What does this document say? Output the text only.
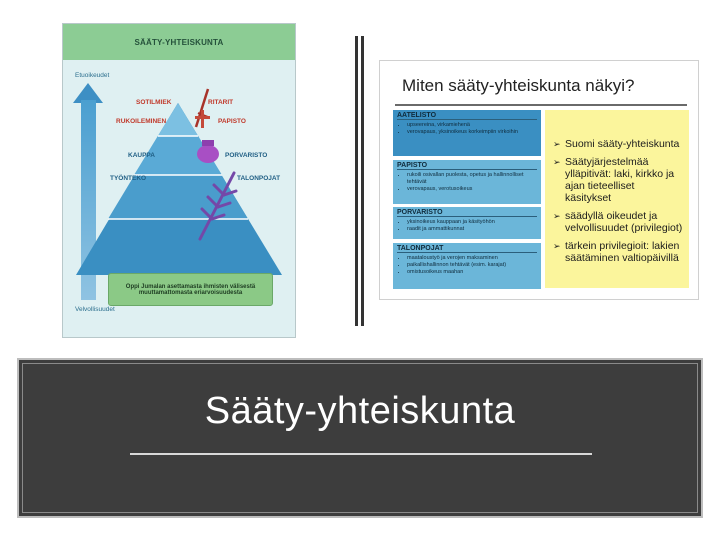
SÄÄTY-YHTEISKUNTA
Etuoikeudet
Velvollisuudet
SOTILMIEK	RITARIT
RUKOILEMINEN	PAPISTO
KAUPPA	PORVARISTO
TYÖNTEKO	TALONPOJAT
Oppi Jumalan asettamasta ihmisten välisestä muuttamattomasta eriarvoisuudesta
Miten sääty-yhteiskunta näkyi?
AATELISTO
• upseereina, virkamiehenä
• verovapaus, yksinoikeus korkeimpiin virkoihin
PAPISTO
• rukoili osivallan puolesta, opetus ja hallinnolliset tehtävät
• verovapaus, verotusoikeus
PORVARISTO
• yksinoikeus kauppaan ja käsityöhön
• raadit ja ammattikunnat
TALONPOJAT
• maataloustyö ja verojen maksaminen
• paikallishallinnon tehtävät (esim. karajat)
• omistusoikeus maahan
➢ Suomi sääty-yhteiskunta
➢ Säätyjärjestelmää ylläpitivät: laki, kirkko ja ajan tieteelliset käsitykset
➢ säädyllä oikeudet ja velvollisuudet (privilegiot)
➢ tärkein privilegioit: lakien säätäminen valtiopäivillä
Sääty-yhteiskunta
